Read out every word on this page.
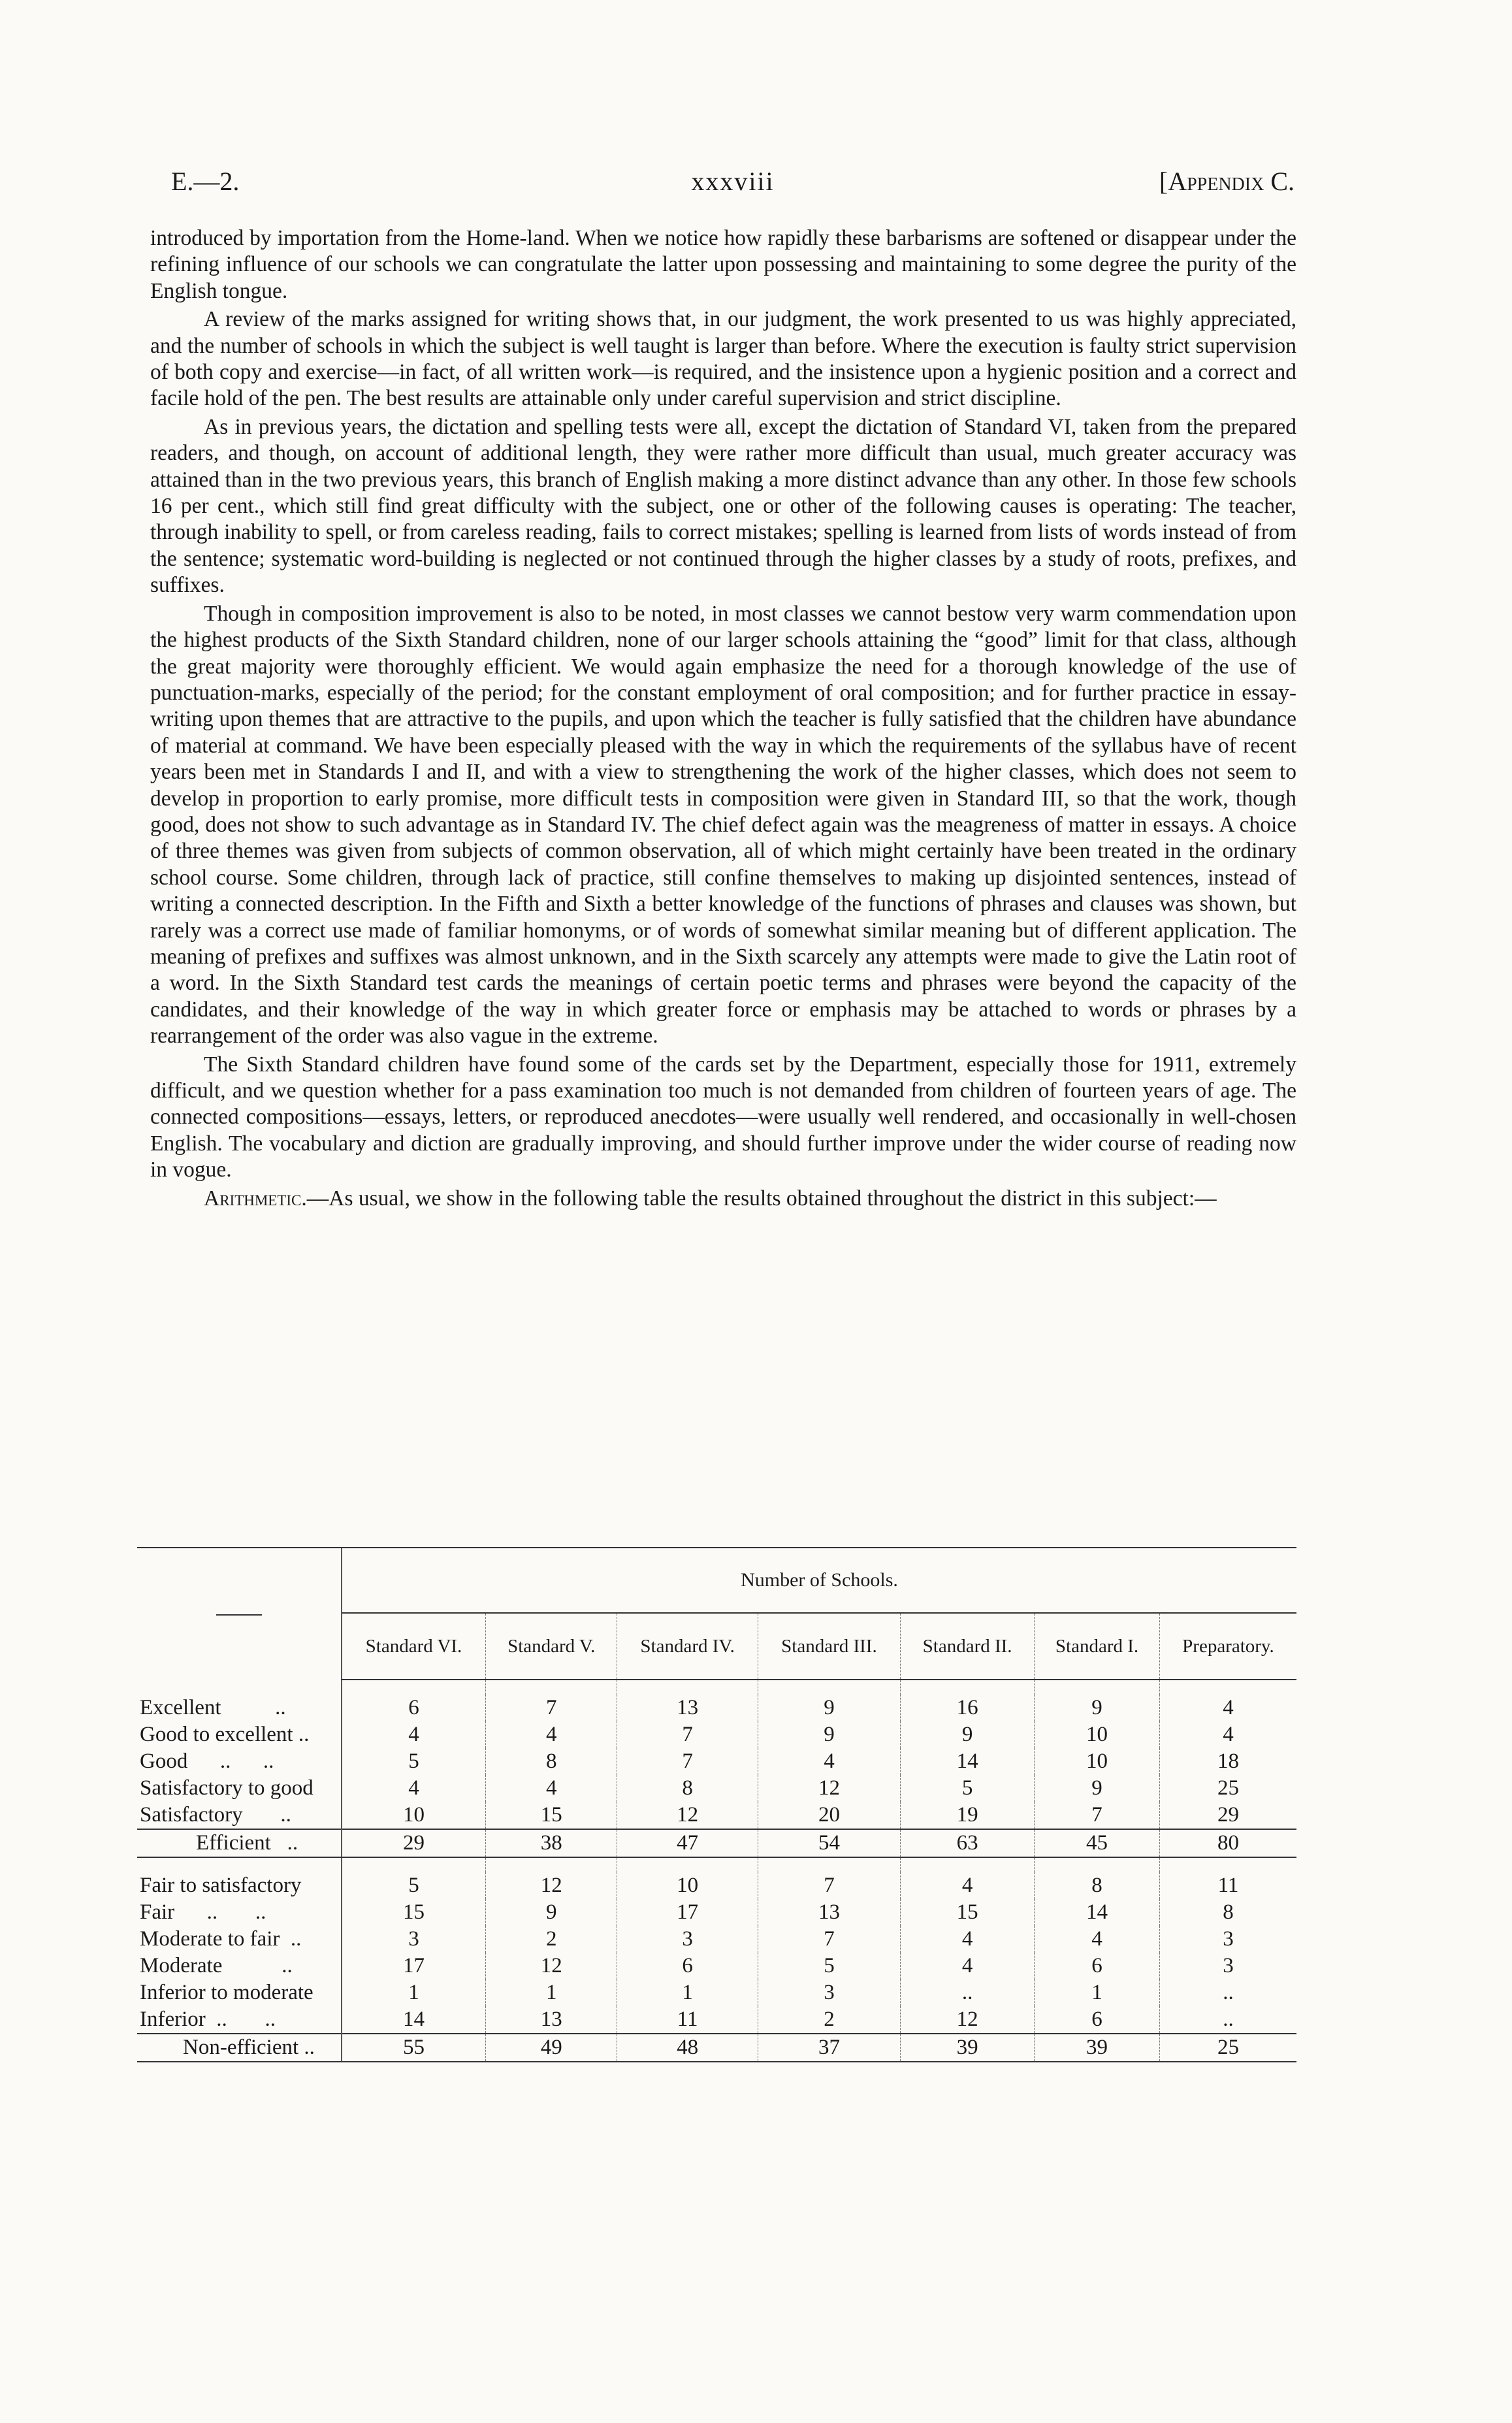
E.—2.	xxxviii	[Appendix C.

introduced by importation from the Home-land. When we notice how rapidly these barbarisms are softened or disappear under the refining influence of our schools we can congratulate the latter upon possessing and maintaining to some degree the purity of the English tongue.

A review of the marks assigned for writing shows that, in our judgment, the work presented to us was highly appreciated, and the number of schools in which the subject is well taught is larger than before. Where the execution is faulty strict supervision of both copy and exercise—in fact, of all written work—is required, and the insistence upon a hygienic position and a correct and facile hold of the pen. The best results are attainable only under careful supervision and strict discipline.

As in previous years, the dictation and spelling tests were all, except the dictation of Standard VI, taken from the prepared readers, and though, on account of additional length, they were rather more difficult than usual, much greater accuracy was attained than in the two previous years, this branch of English making a more distinct advance than any other. In those few schools 16 per cent., which still find great difficulty with the subject, one or other of the following causes is operating: The teacher, through inability to spell, or from careless reading, fails to correct mistakes; spelling is learned from lists of words instead of from the sentence; systematic word-building is neglected or not continued through the higher classes by a study of roots, prefixes, and suffixes.

Though in composition improvement is also to be noted, in most classes we cannot bestow very warm commendation upon the highest products of the Sixth Standard children, none of our larger schools attaining the “good” limit for that class, although the great majority were thoroughly efficient. We would again emphasize the need for a thorough knowledge of the use of punctuation-marks, especially of the period; for the constant employment of oral composition; and for further practice in essay-writing upon themes that are attractive to the pupils, and upon which the teacher is fully satisfied that the children have abundance of material at command. We have been especially pleased with the way in which the requirements of the syllabus have of recent years been met in Standards I and II, and with a view to strengthening the work of the higher classes, which does not seem to develop in proportion to early promise, more difficult tests in composition were given in Standard III, so that the work, though good, does not show to such advantage as in Standard IV. The chief defect again was the meagreness of matter in essays. A choice of three themes was given from subjects of common observation, all of which might certainly have been treated in the ordinary school course. Some children, through lack of practice, still confine themselves to making up disjointed sentences, instead of writing a connected description. In the Fifth and Sixth a better knowledge of the functions of phrases and clauses was shown, but rarely was a correct use made of familiar homonyms, or of words of somewhat similar meaning but of different application. The meaning of prefixes and suffixes was almost unknown, and in the Sixth scarcely any attempts were made to give the Latin root of a word. In the Sixth Standard test cards the meanings of certain poetic terms and phrases were beyond the capacity of the candidates, and their knowledge of the way in which greater force or emphasis may be attached to words or phrases by a rearrangement of the order was also vague in the extreme.

The Sixth Standard children have found some of the cards set by the Department, especially those for 1911, extremely difficult, and we question whether for a pass examination too much is not demanded from children of fourteen years of age. The connected compositions—essays, letters, or reproduced anecdotes—were usually well rendered, and occasionally in well-chosen English. The vocabulary and diction are gradually improving, and should further improve under the wider course of reading now in vogue.

Arithmetic.—As usual, we show in the following table the results obtained throughout the district in this subject:—

	Number of Schools.						
	Standard VI.	Standard V.	Standard IV.	Standard III.	Standard II.	Standard I.	Preparatory.

Excellent          ..	6	7	13	9	16	9	4
Good to excellent ..	4	4	7	9	9	10	4
Good      ..      ..	5	8	7	4	14	10	18
Satisfactory to good	4	4	8	12	5	9	25
Satisfactory       ..	10	15	12	20	19	7	29
Efficient   ..	29	38	47	54	63	45	80

Fair to satisfactory	5	12	10	7	4	8	11
Fair      ..       ..	15	9	17	13	15	14	8
Moderate to fair  ..	3	2	3	7	4	4	3
Moderate           ..	17	12	6	5	4	6	3
Inferior to moderate	1	1	1	3	..	1	..
Inferior  ..       ..	14	13	11	2	12	6	..
Non-efficient ..	55	49	48	37	39	39	25
